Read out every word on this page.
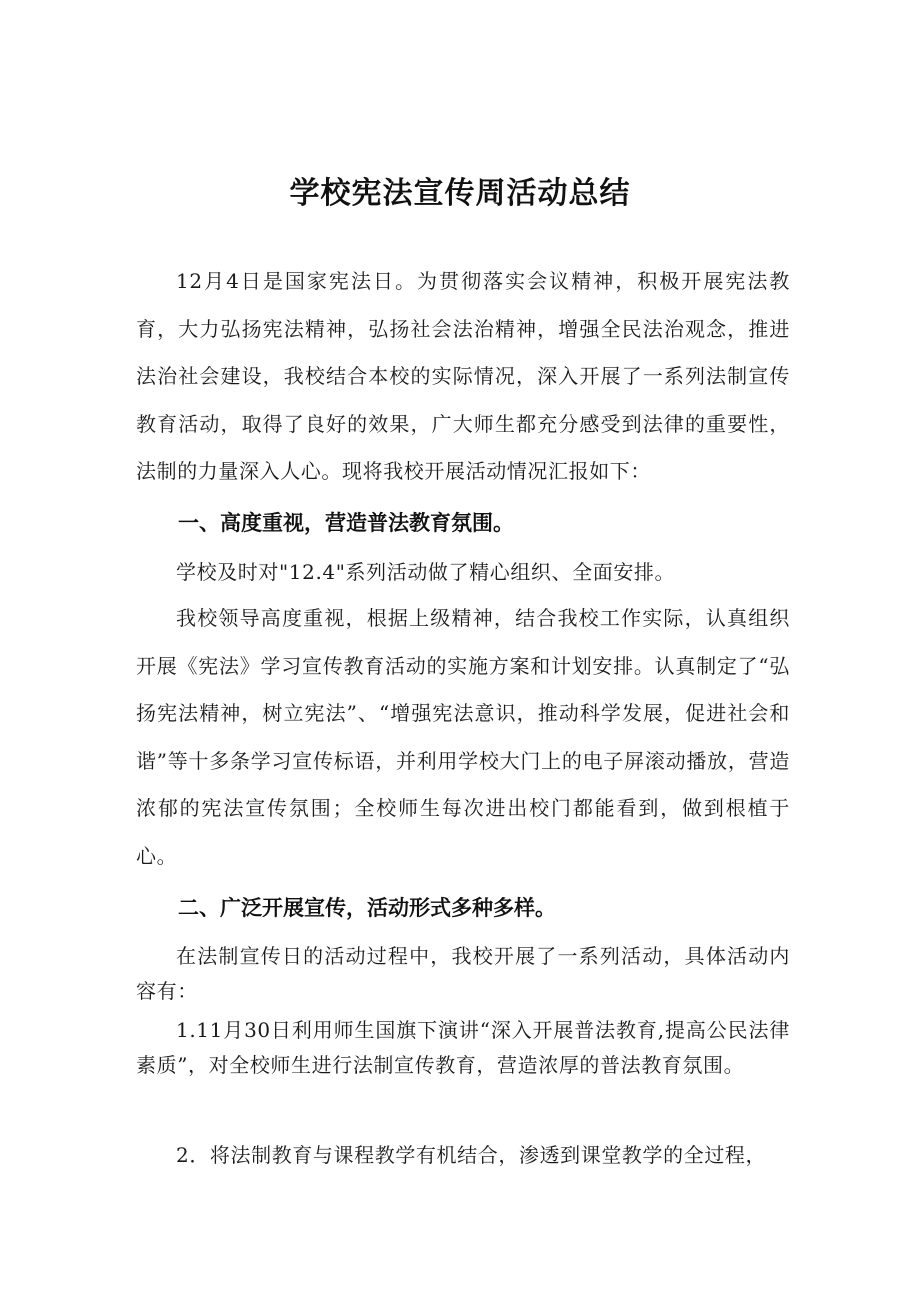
学校宪法宣传周活动总结

12月4日是国家宪法日。为贯彻落实会议精神，积极开展宪法教育，大力弘扬宪法精神，弘扬社会法治精神，增强全民法治观念，推进法治社会建设，我校结合本校的实际情况，深入开展了一系列法制宣传教育活动，取得了良好的效果，广大师生都充分感受到法律的重要性，法制的力量深入人心。现将我校开展活动情况汇报如下：

一、高度重视，营造普法教育氛围。

学校及时对"12.4"系列活动做了精心组织、全面安排。

我校领导高度重视，根据上级精神，结合我校工作实际，认真组织开展《宪法》学习宣传教育活动的实施方案和计划安排。认真制定了“弘扬宪法精神，树立宪法”、“增强宪法意识，推动科学发展，促进社会和谐”等十多条学习宣传标语，并利用学校大门上的电子屏滚动播放，营造浓郁的宪法宣传氛围；全校师生每次进出校门都能看到，做到根植于心。

二、广泛开展宣传，活动形式多种多样。

在法制宣传日的活动过程中，我校开展了一系列活动，具体活动内容有：

1.11月30日利用师生国旗下演讲“深入开展普法教育,提高公民法律素质”，对全校师生进行法制宣传教育，营造浓厚的普法教育氛围。

2．将法制教育与课程教学有机结合，渗透到课堂教学的全过程，
